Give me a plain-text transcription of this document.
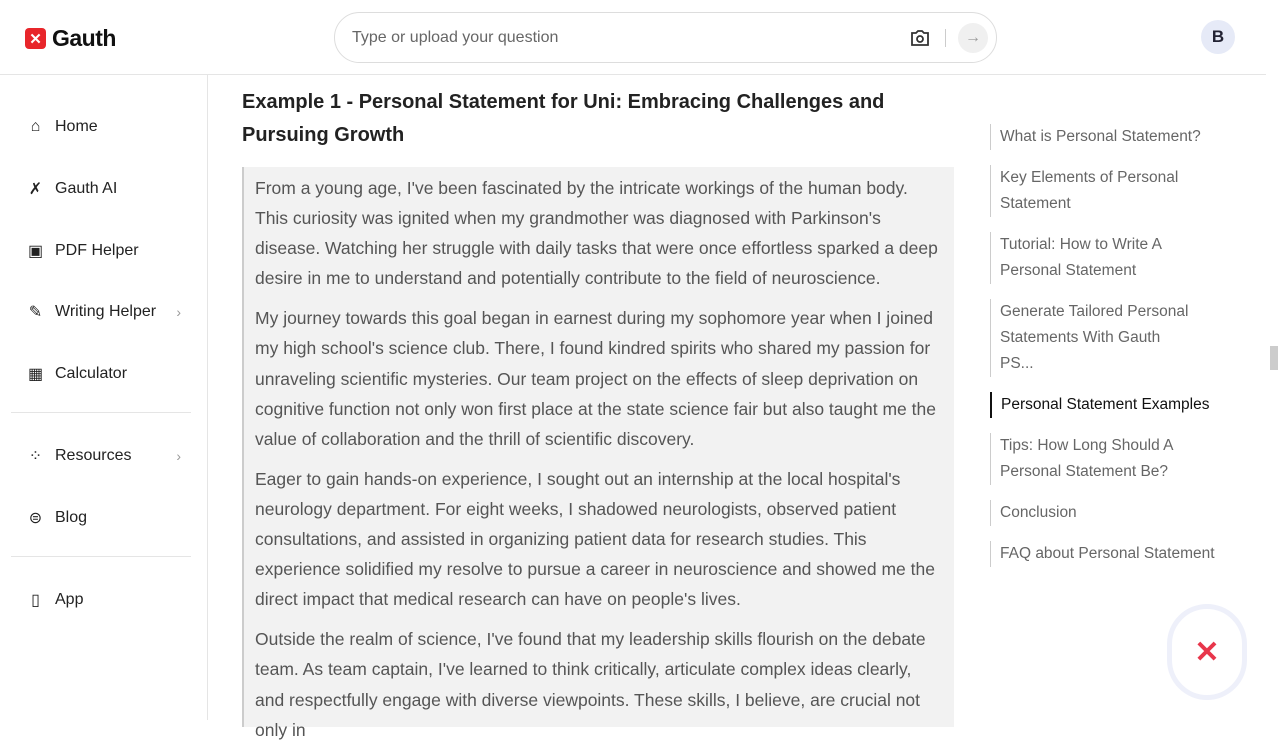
✕ Gauth
Type or upload your question	→	B
⌂ Home
✗ Gauth AI
▣ PDF Helper
✎ Writing Helper ›
▦ Calculator
⁘ Resources	›
⊜ Blog
▯ App
Example 1 - Personal Statement for Uni: Embracing Challenges and Pursuing Growth

From a young age, I've been fascinated by the intricate workings of the human body. This curiosity was ignited when my grandmother was diagnosed with Parkinson's disease. Watching her struggle with daily tasks that were once effortless sparked a deep desire in me to understand and potentially contribute to the field of neuroscience.

My journey towards this goal began in earnest during my sophomore year when I joined my high school's science club. There, I found kindred spirits who shared my passion for unraveling scientific mysteries. Our team project on the effects of sleep deprivation on cognitive function not only won first place at the state science fair but also taught me the value of collaboration and the thrill of scientific discovery.

Eager to gain hands-on experience, I sought out an internship at the local hospital's neurology department. For eight weeks, I shadowed neurologists, observed patient consultations, and assisted in organizing patient data for research studies. This experience solidified my resolve to pursue a career in neuroscience and showed me the direct impact that medical research can have on people's lives.

Outside the realm of science, I've found that my leadership skills flourish on the debate team. As team captain, I've learned to think critically, articulate complex ideas clearly, and respectfully engage with diverse viewpoints. These skills, I believe, are crucial not only in

What is Personal Statement?
Key Elements of Personal Statement
Tutorial: How to Write A Personal Statement
Generate Tailored Personal Statements With Gauth PS...
Personal Statement Examples
Tips: How Long Should A Personal Statement Be?
Conclusion
FAQ about Personal Statement
✕
